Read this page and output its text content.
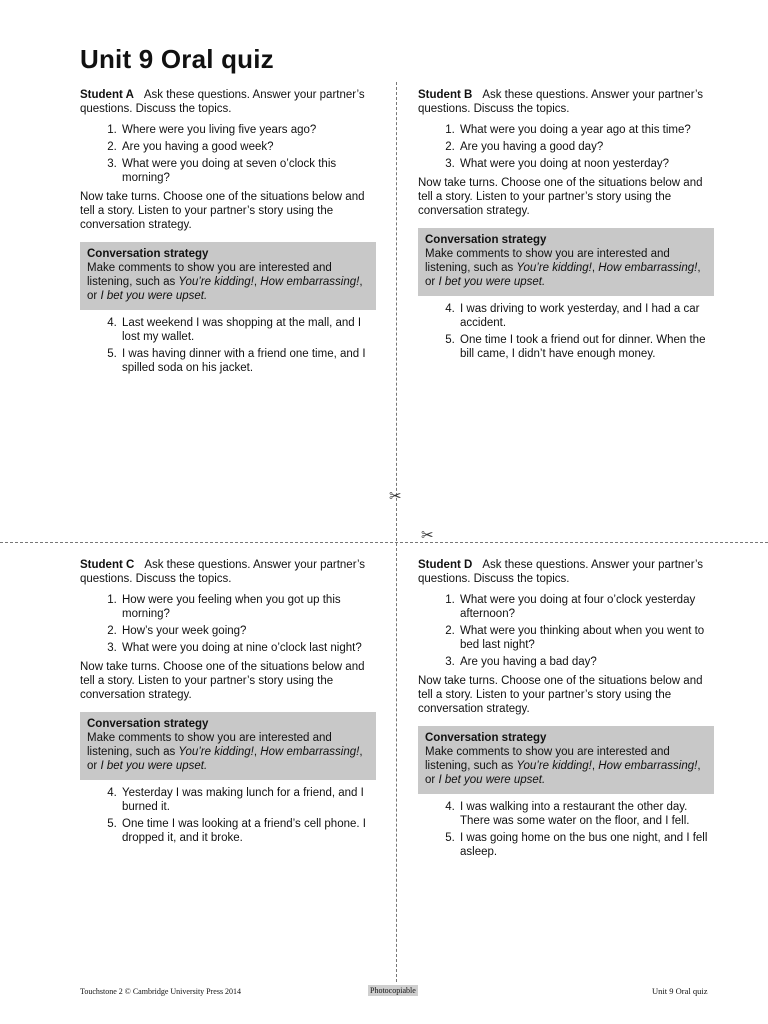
Unit 9 Oral quiz
✂
✂

Student A Ask these questions. Answer your partner’s questions. Discuss the topics.

1. Where were you living five years ago?
2. Are you having a good week?
3. What were you doing at seven o’clock this morning?

Now take turns. Choose one of the situations below and tell a story. Listen to your partner’s story using the conversation strategy.

Conversation strategy

Make comments to show you are interested and listening, such as You’re kidding!, How embarrassing!, or I bet you were upset.

4. Last weekend I was shopping at the mall, and I lost my wallet.
5. I was having dinner with a friend one time, and I spilled soda on his jacket.

Student B Ask these questions. Answer your partner’s questions. Discuss the topics.

1. What were you doing a year ago at this time?
2. Are you having a good day?
3. What were you doing at noon yesterday?

Now take turns. Choose one of the situations below and tell a story. Listen to your partner’s story using the conversation strategy.

Conversation strategy

Make comments to show you are interested and listening, such as You’re kidding!, How embarrassing!, or I bet you were upset.

4. I was driving to work yesterday, and I had a car accident.
5. One time I took a friend out for dinner. When the bill came, I didn’t have enough money.

Student C Ask these questions. Answer your partner’s questions. Discuss the topics.

1. How were you feeling when you got up this morning?
2. How’s your week going?
3. What were you doing at nine o’clock last night?

Now take turns. Choose one of the situations below and tell a story. Listen to your partner’s story using the conversation strategy.

Conversation strategy

Make comments to show you are interested and listening, such as You’re kidding!, How embarrassing!, or I bet you were upset.

4. Yesterday I was making lunch for a friend, and I burned it.
5. One time I was looking at a friend’s cell phone. I dropped it, and it broke.

Student D Ask these questions. Answer your partner’s questions. Discuss the topics.

1. What were you doing at four o’clock yesterday afternoon?
2. What were you thinking about when you went to bed last night?
3. Are you having a bad day?

Now take turns. Choose one of the situations below and tell a story. Listen to your partner’s story using the conversation strategy.

Conversation strategy

Make comments to show you are interested and listening, such as You’re kidding!, How embarrassing!, or I bet you were upset.

4. I was walking into a restaurant the other day. There was some water on the floor, and I fell.
5. I was going home on the bus one night, and I fell asleep.
Touchstone 2 © Cambridge University Press 2014	Photocopiable	Unit 9 Oral quiz
